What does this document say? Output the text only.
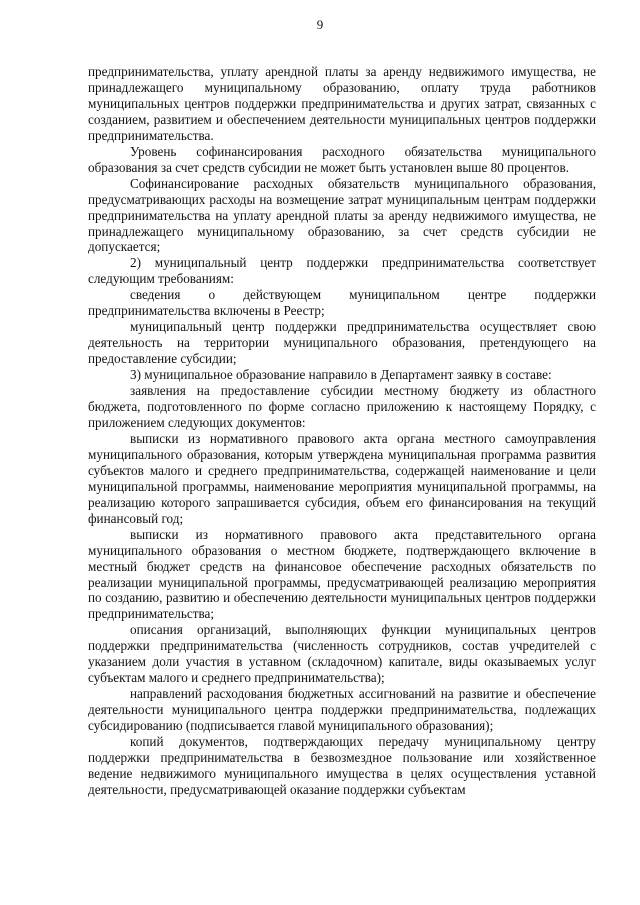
9

предпринимательства, уплату арендной платы за аренду недвижимого имущества, не принадлежащего муниципальному образованию, оплату труда работников муниципальных центров поддержки предпринимательства и других затрат, связанных с созданием, развитием и обеспечением деятельности муниципальных центров поддержки предпринимательства.

Уровень софинансирования расходного обязательства муниципального образования за счет средств субсидии не может быть установлен выше 80 процентов.

Софинансирование расходных обязательств муниципального образования, предусматривающих расходы на возмещение затрат муниципальным центрам поддержки предпринимательства на уплату арендной платы за аренду недвижимого имущества, не принадлежащего муниципальному образованию, за счет средств субсидии не допускается;

2) муниципальный центр поддержки предпринимательства соответствует следующим требованиям:

сведения о действующем муниципальном центре поддержки предпринимательства включены в Реестр;

муниципальный центр поддержки предпринимательства осуществляет свою деятельность на территории муниципального образования, претендующего на предоставление субсидии;

3) муниципальное образование направило в Департамент заявку в составе:

заявления на предоставление субсидии местному бюджету из областного бюджета, подготовленного по форме согласно приложению к настоящему Порядку, с приложением следующих документов:

выписки из нормативного правового акта органа местного самоуправления муниципального образования, которым утверждена муниципальная программа развития субъектов малого и среднего предпринимательства, содержащей наименование и цели муниципальной программы, наименование мероприятия муниципальной программы, на реализацию которого запрашивается субсидия, объем его финансирования на текущий финансовый год;

выписки из нормативного правового акта представительного органа муниципального образования о местном бюджете, подтверждающего включение в местный бюджет средств на финансовое обеспечение расходных обязательств по реализации муниципальной программы, предусматривающей реализацию мероприятия по созданию, развитию и обеспечению деятельности муниципальных центров поддержки предпринимательства;

описания организаций, выполняющих функции муниципальных центров поддержки предпринимательства (численность сотрудников, состав учредителей с указанием доли участия в уставном (складочном) капитале, виды оказываемых услуг субъектам малого и среднего предпринимательства);

направлений расходования бюджетных ассигнований на развитие и обеспечение деятельности муниципального центра поддержки предпринимательства, подлежащих субсидированию (подписывается главой муниципального образования);

копий документов, подтверждающих передачу муниципальному центру поддержки предпринимательства в безвозмездное пользование или хозяйственное ведение недвижимого муниципального имущества в целях осуществления уставной деятельности, предусматривающей оказание поддержки субъектам
